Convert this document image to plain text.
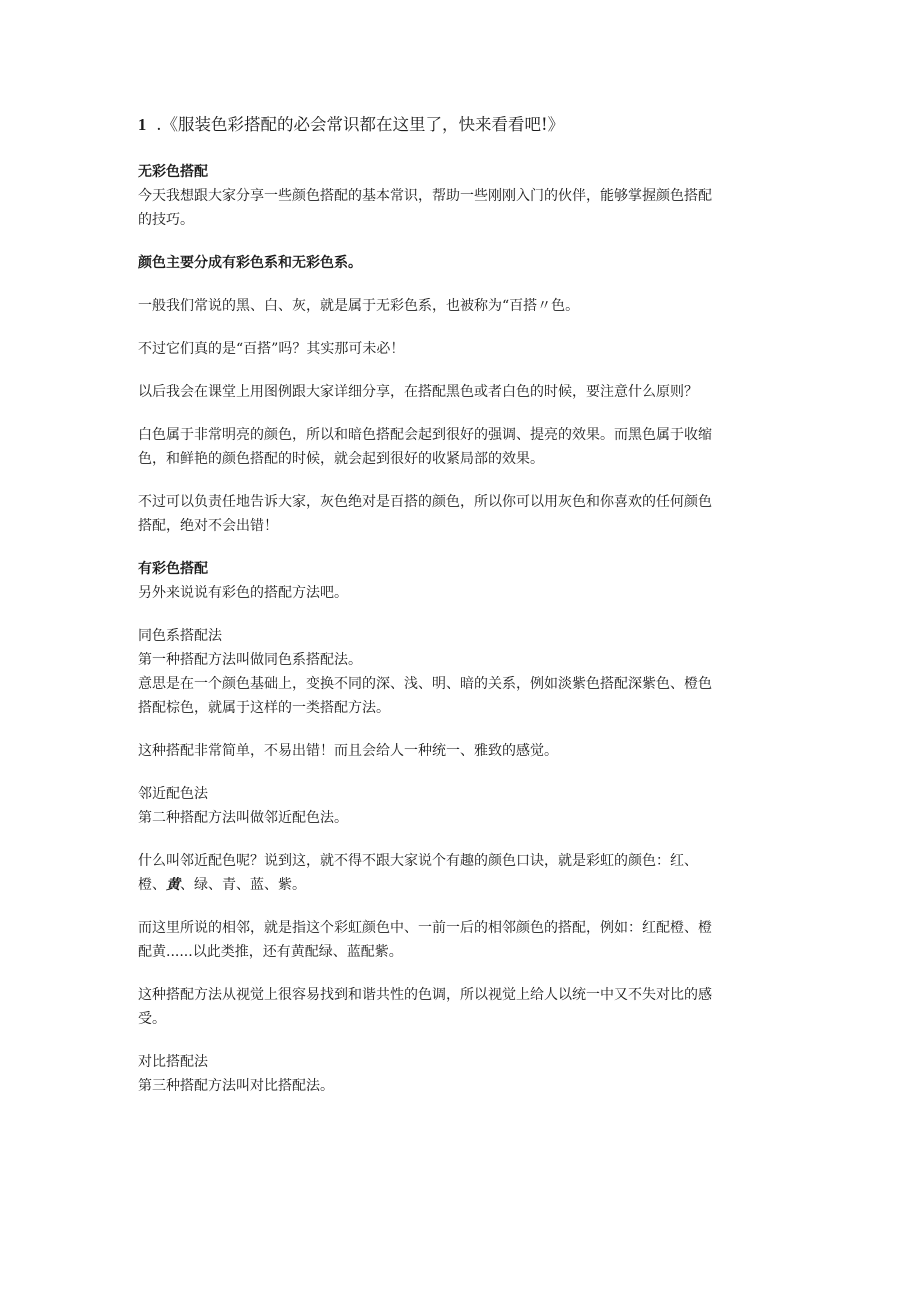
1 .《服装色彩搭配的必会常识都在这里了，快来看看吧!》

无彩色搭配

今天我想跟大家分享一些颜色搭配的基本常识，帮助一些刚刚入门的伙伴，能够掌握颜色搭配

的技巧。

颜色主要分成有彩色系和无彩色系。

一般我们常说的黑、白、灰，就是属于无彩色系，也被称为“百搭〃色。

不过它们真的是“百搭”吗？其实那可未必！

以后我会在课堂上用图例跟大家详细分享，在搭配黑色或者白色的时候，要注意什么原则？

白色属于非常明亮的颜色，所以和暗色搭配会起到很好的强调、提亮的效果。而黑色属于收缩

色，和鲜艳的颜色搭配的时候，就会起到很好的收紧局部的效果。

不过可以负责任地告诉大家，灰色绝对是百搭的颜色，所以你可以用灰色和你喜欢的任何颜色

搭配，绝对不会出错！

有彩色搭配

另外来说说有彩色的搭配方法吧。

同色系搭配法

第一种搭配方法叫做同色系搭配法。

意思是在一个颜色基础上，变换不同的深、浅、明、暗的关系，例如淡紫色搭配深紫色、橙色

搭配棕色，就属于这样的一类搭配方法。

这种搭配非常简单，不易出错！而且会给人一种统一、雅致的感觉。

邻近配色法

第二种搭配方法叫做邻近配色法。

什么叫邻近配色呢？说到这，就不得不跟大家说个有趣的颜色口诀，就是彩虹的颜色：红、

橙、黄、绿、青、蓝、紫。

而这里所说的相邻，就是指这个彩虹颜色中、一前一后的相邻颜色的搭配，例如：红配橙、橙

配黄......以此类推，还有黄配绿、蓝配紫。

这种搭配方法从视觉上很容易找到和谐共性的色调，所以视觉上给人以统一中又不失对比的感

受。

对比搭配法

第三种搭配方法叫对比搭配法。
